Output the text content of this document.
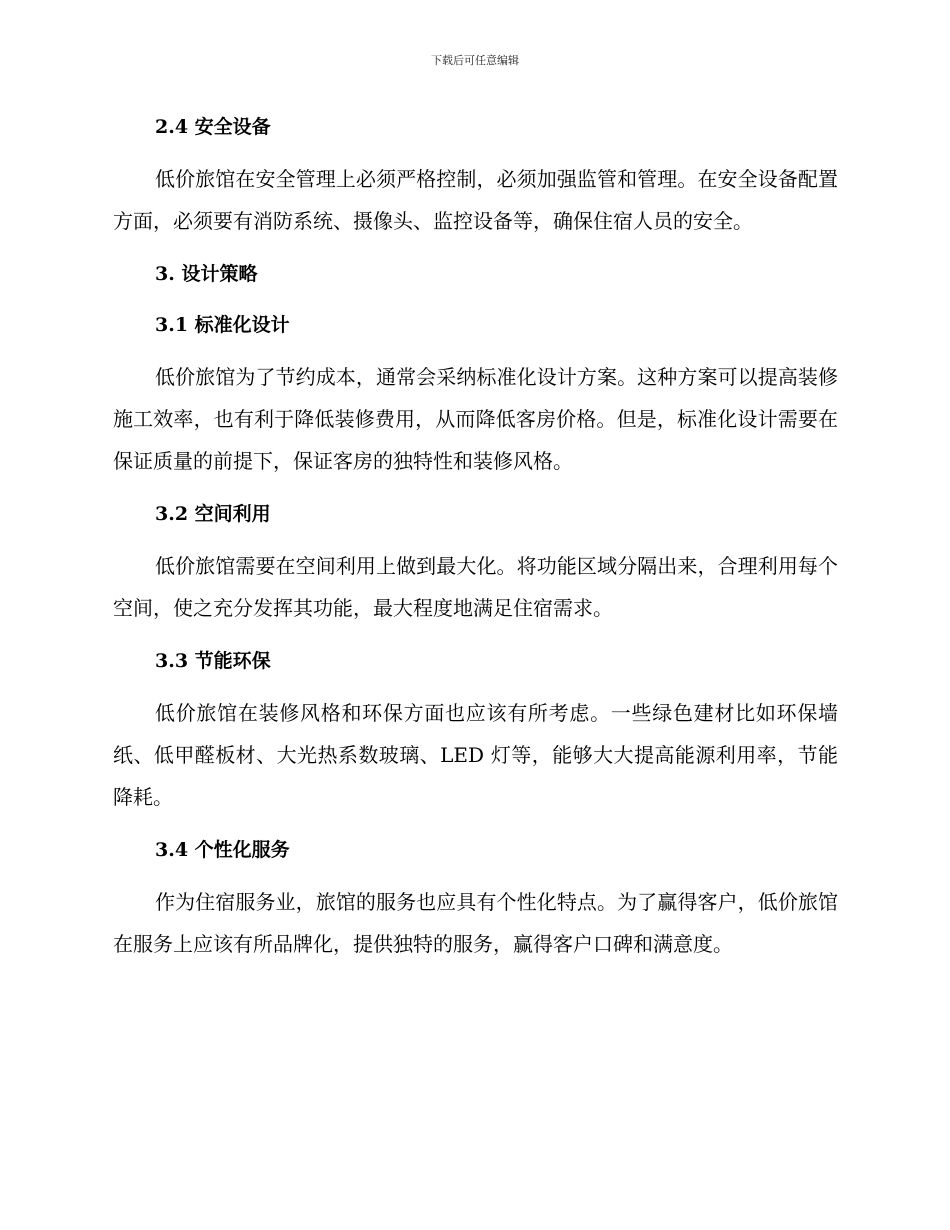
下载后可任意编辑
2.4 安全设备

低价旅馆在安全管理上必须严格控制，必须加强监管和管理。在安全设备配置方面，必须要有消防系统、摄像头、监控设备等，确保住宿人员的安全。

3. 设计策略
3.1 标准化设计

低价旅馆为了节约成本，通常会采纳标准化设计方案。这种方案可以提高装修施工效率，也有利于降低装修费用，从而降低客房价格。但是，标准化设计需要在保证质量的前提下，保证客房的独特性和装修风格。

3.2 空间利用

低价旅馆需要在空间利用上做到最大化。将功能区域分隔出来，合理利用每个空间，使之充分发挥其功能，最大程度地满足住宿需求。

3.3 节能环保

低价旅馆在装修风格和环保方面也应该有所考虑。一些绿色建材比如环保墙纸、低甲醛板材、大光热系数玻璃、LED 灯等，能够大大提高能源利用率，节能降耗。

3.4 个性化服务

作为住宿服务业，旅馆的服务也应具有个性化特点。为了赢得客户，低价旅馆在服务上应该有所品牌化，提供独特的服务，赢得客户口碑和满意度。
